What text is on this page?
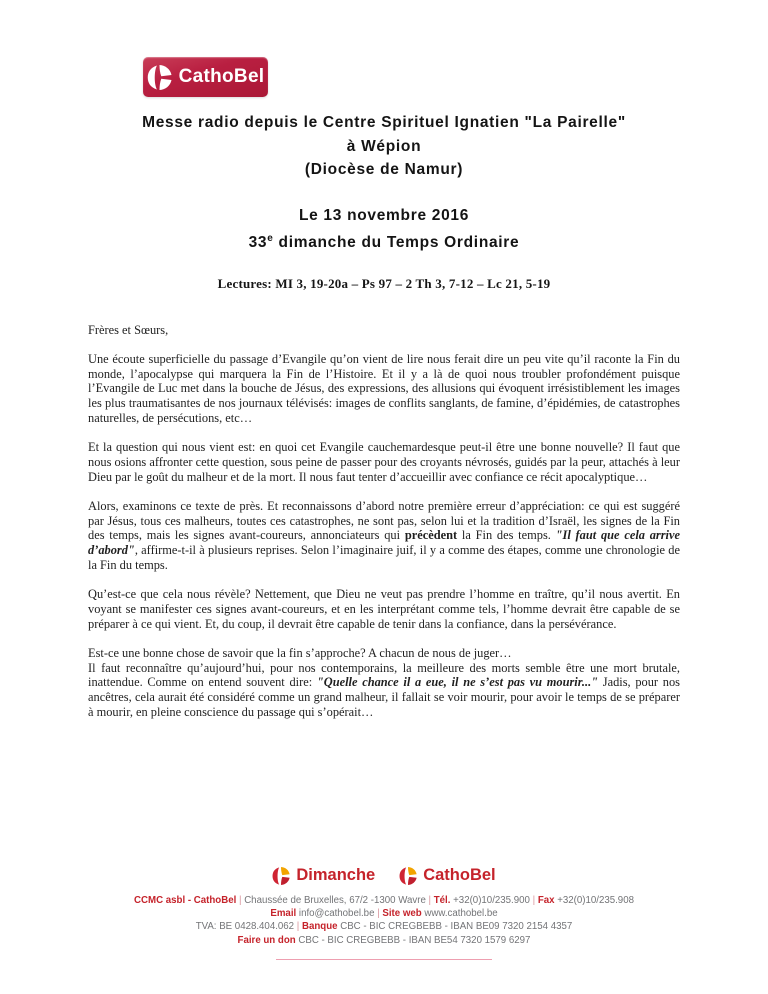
CathoBel
Messe radio depuis le Centre Spirituel Ignatien "La Pairelle"
à Wépion
(Diocèse de Namur)
Le 13 novembre 2016
33e dimanche du Temps Ordinaire
Lectures: MI 3, 19-20a – Ps 97 – 2 Th 3, 7-12 – Lc 21, 5-19

Frères et Sœurs,

Une écoute superficielle du passage d’Evangile qu’on vient de lire nous ferait dire un peu vite qu’il raconte la Fin du monde, l’apocalypse qui marquera la Fin de l’Histoire. Et il y a là de quoi nous troubler profondément puisque l’Evangile de Luc met dans la bouche de Jésus, des expressions, des allusions qui évoquent irrésistiblement les images les plus traumatisantes de nos journaux télévisés: images de conflits sanglants, de famine, d’épidémies, de catastrophes naturelles, de persécutions, etc…

Et la question qui nous vient est: en quoi cet Evangile cauchemardesque peut-il être une bonne nouvelle? Il faut que nous osions affronter cette question, sous peine de passer pour des croyants névrosés, guidés par la peur, attachés à leur Dieu par le goût du malheur et de la mort. Il nous faut tenter d’accueillir avec confiance ce récit apocalyptique…

Alors, examinons ce texte de près. Et reconnaissons d’abord notre première erreur d’appréciation: ce qui est suggéré par Jésus, tous ces malheurs, toutes ces catastrophes, ne sont pas, selon lui et la tradition d’Israël, les signes de la Fin des temps, mais les signes avant-coureurs, annonciateurs qui précèdent la Fin des temps. "Il faut que cela arrive d’abord", affirme-t-il à plusieurs reprises. Selon l’imaginaire juif, il y a comme des étapes, comme une chronologie de la Fin du temps.

Qu’est-ce que cela nous révèle? Nettement, que Dieu ne veut pas prendre l’homme en traître, qu’il nous avertit. En voyant se manifester ces signes avant-coureurs, et en les interprétant comme tels, l’homme devrait être capable de se préparer à ce qui vient. Et, du coup, il devrait être capable de tenir dans la confiance, dans la persévérance.

Est-ce une bonne chose de savoir que la fin s’approche? A chacun de nous de juger…
Il faut reconnaître qu’aujourd’hui, pour nos contemporains, la meilleure des morts semble être une mort brutale, inattendue. Comme on entend souvent dire: "Quelle chance il a eue, il ne s’est pas vu mourir..." Jadis, pour nos ancêtres, cela aurait été considéré comme un grand malheur, il fallait se voir mourir, pour avoir le temps de se préparer à mourir, en pleine conscience du passage qui s’opérait…

Dimanche	CathoBel
CCMC asbl - CathoBel | Chaussée de Bruxelles, 67/2 -1300 Wavre | Tél. +32(0)10/235.900 | Fax +32(0)10/235.908
Email info@cathobel.be | Site web www.cathobel.be
TVA: BE 0428.404.062 | Banque CBC - BIC CREGBEBB - IBAN BE09 7320 2154 4357
Faire un don CBC - BIC CREGBEBB - IBAN BE54 7320 1579 6297
